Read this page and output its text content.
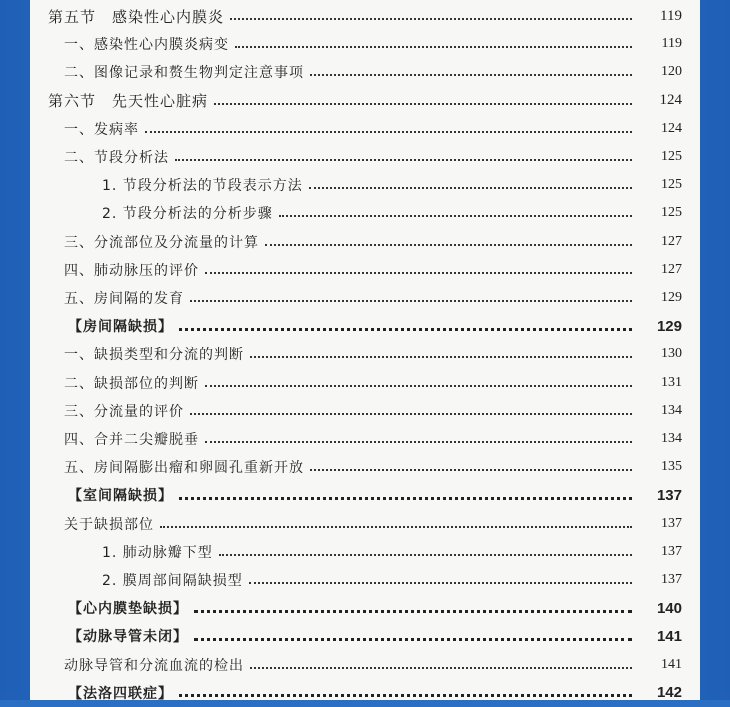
第五节　感染性心内膜炎	119
一、感染性心内膜炎病变	119
二、图像记录和赘生物判定注意事项	120
第六节　先天性心脏病	124
一、发病率	124
二、节段分析法	125
1. 节段分析法的节段表示方法	125
2. 节段分析法的分析步骤	125
三、分流部位及分流量的计算	127
四、肺动脉压的评价	127
五、房间隔的发育	129
【房间隔缺损】	129
一、缺损类型和分流的判断	130
二、缺损部位的判断	131
三、分流量的评价	134
四、合并二尖瓣脱垂	134
五、房间隔膨出瘤和卵圆孔重新开放	135
【室间隔缺损】	137
关于缺损部位	137
1. 肺动脉瓣下型	137
2. 膜周部间隔缺损型	137
【心内膜垫缺损】	140
【动脉导管未闭】	141
动脉导管和分流血流的检出	141
【法洛四联症】	142
